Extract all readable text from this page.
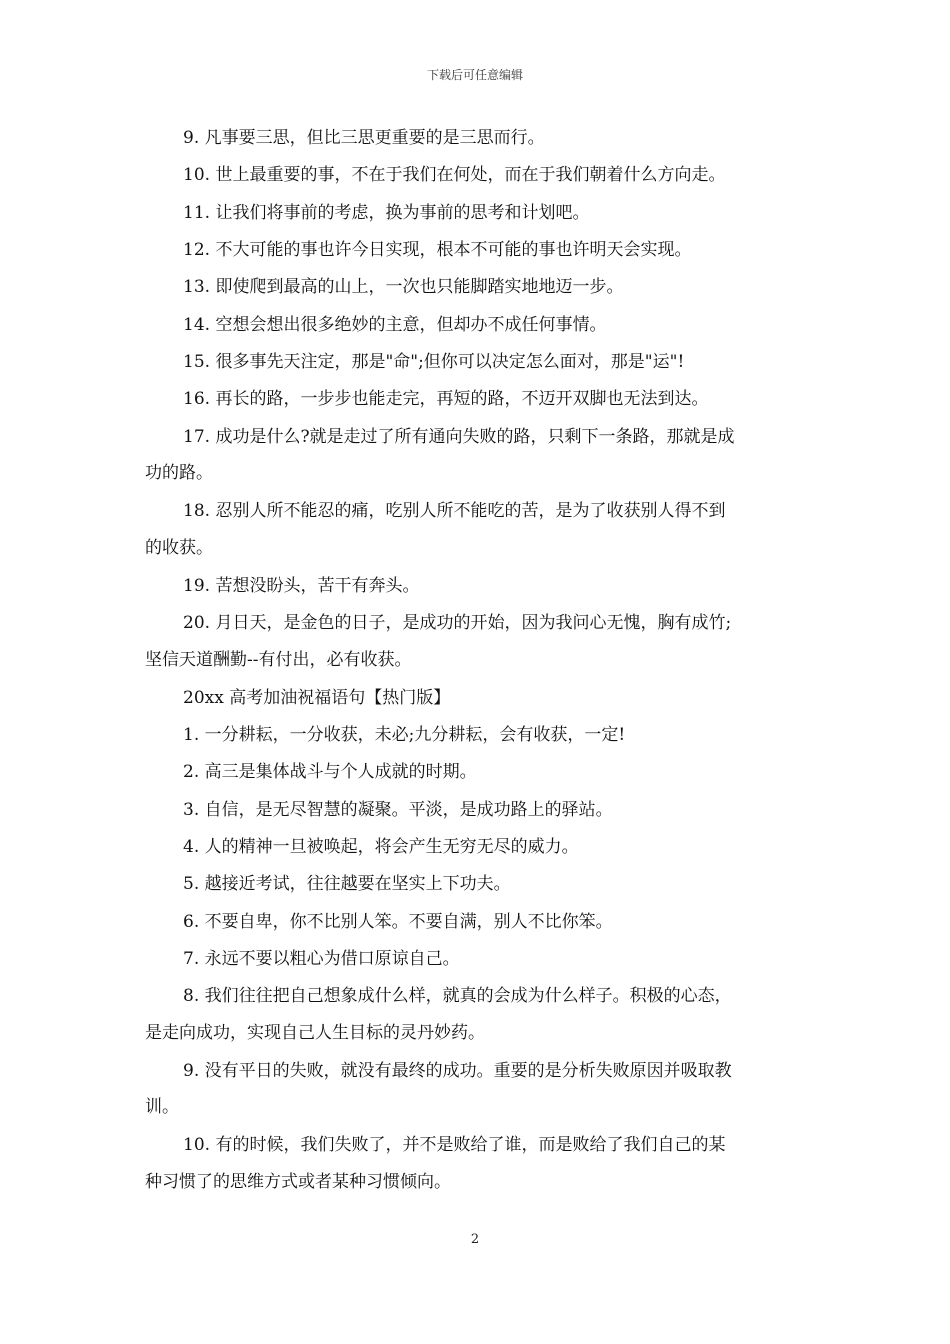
下载后可任意编辑
9. 凡事要三思，但比三思更重要的是三思而行。
10. 世上最重要的事，不在于我们在何处，而在于我们朝着什么方向走。
11. 让我们将事前的考虑，换为事前的思考和计划吧。
12. 不大可能的事也许今日实现，根本不可能的事也许明天会实现。
13. 即使爬到最高的山上，一次也只能脚踏实地地迈一步。
14. 空想会想出很多绝妙的主意，但却办不成任何事情。
15. 很多事先天注定，那是"命";但你可以决定怎么面对，那是"运"!
16. 再长的路，一步步也能走完，再短的路，不迈开双脚也无法到达。
17. 成功是什么?就是走过了所有通向失败的路，只剩下一条路，那就是成
功的路。
18. 忍别人所不能忍的痛，吃别人所不能吃的苦，是为了收获别人得不到
的收获。
19. 苦想没盼头，苦干有奔头。
20. 月日天，是金色的日子，是成功的开始，因为我问心无愧，胸有成竹;
坚信天道酬勤--有付出，必有收获。
20xx 高考加油祝福语句【热门版】
1. 一分耕耘，一分收获，未必;九分耕耘，会有收获，一定!
2. 高三是集体战斗与个人成就的时期。
3. 自信，是无尽智慧的凝聚。平淡，是成功路上的驿站。
4. 人的精神一旦被唤起，将会产生无穷无尽的威力。
5. 越接近考试，往往越要在坚实上下功夫。
6. 不要自卑，你不比别人笨。不要自满，别人不比你笨。
7. 永远不要以粗心为借口原谅自己。
8. 我们往往把自己想象成什么样，就真的会成为什么样子。积极的心态，
是走向成功，实现自己人生目标的灵丹妙药。
9. 没有平日的失败，就没有最终的成功。重要的是分析失败原因并吸取教
训。
10. 有的时候，我们失败了，并不是败给了谁，而是败给了我们自己的某
种习惯了的思维方式或者某种习惯倾向。
2
